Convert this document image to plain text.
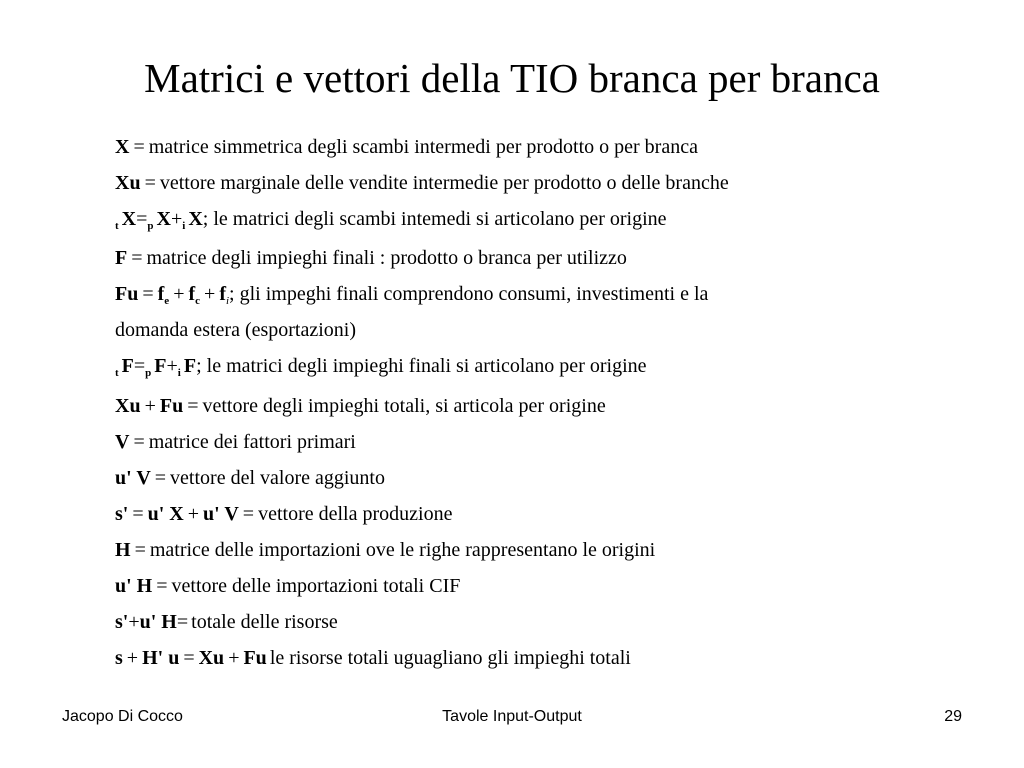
Matrici e vettori della TIO branca per branca
X = matrice simmetrica degli scambi intermedi per prodotto o per branca
Xu = vettore marginale delle vendite intermedie per prodotto o delle branche
$_t$ $X=_p$ $X+_i$ X; le matrici degli scambi intemedi si articolano per origine
F = matrice degli impieghi finali : prodotto o branca per utilizzo
$Fu = f_e + f_c + f_i$; gli impeghi finali comprendono consumi, investimenti e la
domanda estera (esportazioni)
$_t$ $F=_p$ $F+_i$ F; le matrici degli impieghi finali si articolano per origine
Xu + Fu = vettore degli impieghi totali, si articola per origine
V = matrice dei fattori primari
u' V = vettore del valore aggiunto
s' = u' X + u' V = vettore della produzione
H = matrice delle importazioni ove le righe rappresentano le origini
u' H = vettore delle importazioni totali CIF
s'+u' H= totale delle risorse
s + H' u = Xu + Fu le risorse totali uguagliano gli impieghi totali
Jacopo Di Cocco	Tavole Input-Output	29
